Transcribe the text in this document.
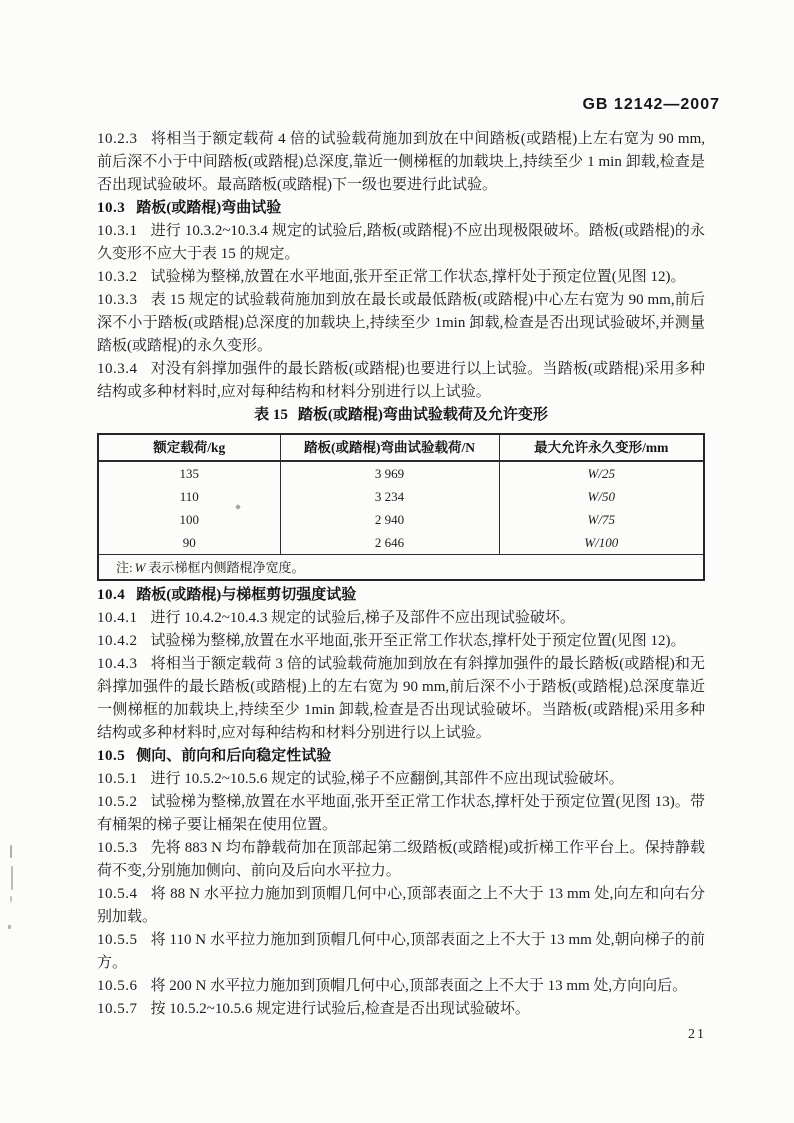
GB 12142—2007

10.2.3 将相当于额定载荷 4 倍的试验载荷施加到放在中间踏板(或踏棍)上左右宽为 90 mm,前后深不小于中间踏板(或踏棍)总深度,靠近一侧梯框的加载块上,持续至少 1 min 卸载,检查是否出现试验破坏。最高踏板(或踏棍)下一级也要进行此试验。

10.3 踏板(或踏棍)弯曲试验

10.3.1 进行 10.3.2~10.3.4 规定的试验后,踏板(或踏棍)不应出现极限破坏。踏板(或踏棍)的永久变形不应大于表 15 的规定。

10.3.2 试验梯为整梯,放置在水平地面,张开至正常工作状态,撑杆处于预定位置(见图 12)。

10.3.3 表 15 规定的试验载荷施加到放在最长或最低踏板(或踏棍)中心左右宽为 90 mm,前后深不小于踏板(或踏棍)总深度的加载块上,持续至少 1min 卸载,检查是否出现试验破坏,并测量踏板(或踏棍)的永久变形。

10.3.4 对没有斜撑加强件的最长踏板(或踏棍)也要进行以上试验。当踏板(或踏棍)采用多种结构或多种材料时,应对每种结构和材料分别进行以上试验。

表 15 踏板(或踏棍)弯曲试验载荷及允许变形

额定载荷/kg	踏板(或踏棍)弯曲试验载荷/N	最大允许永久变形/mm
135	3 969	W/25
110	3 234	W/50
100	2 940	W/75
90	2 646	W/100
注: W 表示梯框内侧踏棍净宽度。		

10.4 踏板(或踏棍)与梯框剪切强度试验

10.4.1 进行 10.4.2~10.4.3 规定的试验后,梯子及部件不应出现试验破坏。

10.4.2 试验梯为整梯,放置在水平地面,张开至正常工作状态,撑杆处于预定位置(见图 12)。

10.4.3 将相当于额定载荷 3 倍的试验载荷施加到放在有斜撑加强件的最长踏板(或踏棍)和无斜撑加强件的最长踏板(或踏棍)上的左右宽为 90 mm,前后深不小于踏板(或踏棍)总深度靠近一侧梯框的加载块上,持续至少 1min 卸载,检查是否出现试验破坏。当踏板(或踏棍)采用多种结构或多种材料时,应对每种结构和材料分别进行以上试验。

10.5 侧向、前向和后向稳定性试验

10.5.1 进行 10.5.2~10.5.6 规定的试验,梯子不应翻倒,其部件不应出现试验破坏。

10.5.2 试验梯为整梯,放置在水平地面,张开至正常工作状态,撑杆处于预定位置(见图 13)。带有桶架的梯子要让桶架在使用位置。

10.5.3 先将 883 N 均布静载荷加在顶部起第二级踏板(或踏棍)或折梯工作平台上。保持静载荷不变,分别施加侧向、前向及后向水平拉力。

10.5.4 将 88 N 水平拉力施加到顶帽几何中心,顶部表面之上不大于 13 mm 处,向左和向右分别加载。

10.5.5 将 110 N 水平拉力施加到顶帽几何中心,顶部表面之上不大于 13 mm 处,朝向梯子的前方。

10.5.6 将 200 N 水平拉力施加到顶帽几何中心,顶部表面之上不大于 13 mm 处,方向向后。

10.5.7 按 10.5.2~10.5.6 规定进行试验后,检查是否出现试验破坏。

21
